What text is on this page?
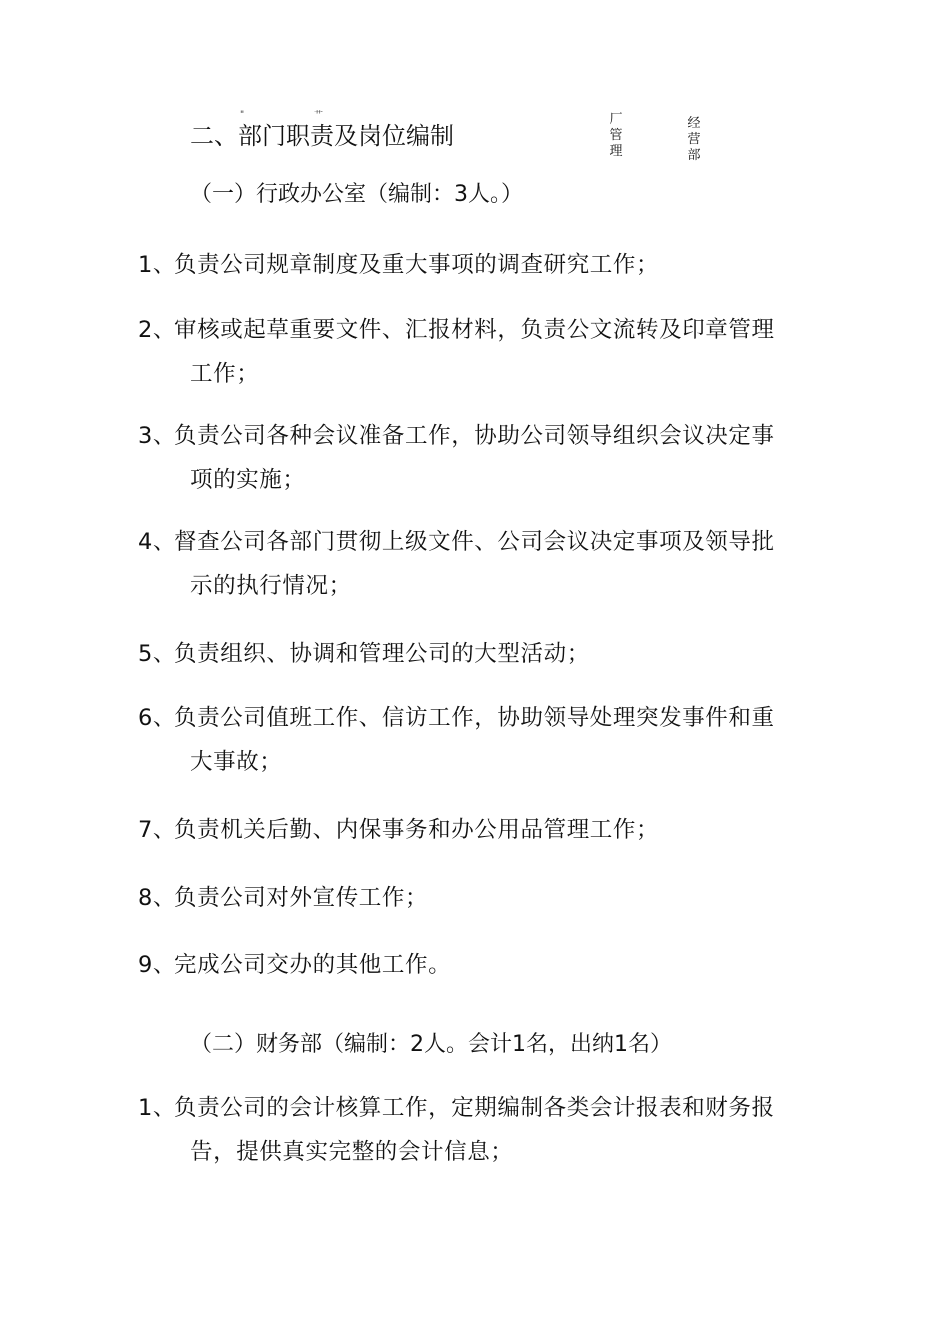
二、部门职责及岗位编制
"	艹	厂管理
经营部
（一）行政办公室（编制：3人。）
1、负责公司规章制度及重大事项的调查研究工作；
2、审核或起草重要文件、汇报材料，负责公文流转及印章管理
工作；
3、负责公司各种会议准备工作，协助公司领导组织会议决定事
项的实施；
4、督查公司各部门贯彻上级文件、公司会议决定事项及领导批
示的执行情况；
5、负责组织、协调和管理公司的大型活动；
6、负责公司值班工作、信访工作，协助领导处理突发事件和重
大事故；
7、负责机关后勤、内保事务和办公用品管理工作；
8、负责公司对外宣传工作；
9、完成公司交办的其他工作。
（二）财务部（编制：2人。会计1名，出纳1名）
1、负责公司的会计核算工作，定期编制各类会计报表和财务报
告，提供真实完整的会计信息；
